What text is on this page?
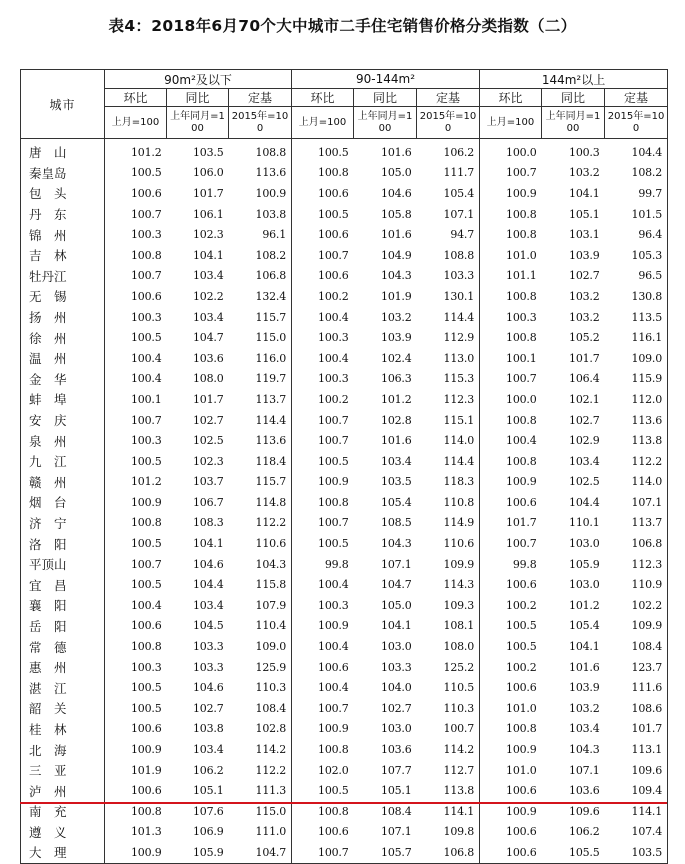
表4：2018年6月70个大中城市二手住宅销售价格分类指数（二）
城市	90m²及以下			90-144m²			144m²以上		
	环比	同比	定基	环比	同比	定基	环比	同比	定基

	上月=100	上年同月=100	2015年=100	上月=100	上年同月=100	2015年=100	上月=100	上年同月=100	2015年=100

唐　山	101.2	103.5	108.8	100.5	101.6	106.2	100.0	100.3	104.4
秦皇岛	100.5	106.0	113.6	100.8	105.0	111.7	100.7	103.2	108.2
包　头	100.6	101.7	100.9	100.6	104.6	105.4	100.9	104.1	99.7
丹　东	100.7	106.1	103.8	100.5	105.8	107.1	100.8	105.1	101.5
锦　州	100.3	102.3	96.1	100.6	101.6	94.7	100.8	103.1	96.4
吉　林	100.8	104.1	108.2	100.7	104.9	108.8	101.0	103.9	105.3
牡丹江	100.7	103.4	106.8	100.6	104.3	103.3	101.1	102.7	96.5
无　锡	100.6	102.2	132.4	100.2	101.9	130.1	100.8	103.2	130.8
扬　州	100.3	103.4	115.7	100.4	103.2	114.4	100.3	103.2	113.5
徐　州	100.5	104.7	115.0	100.3	103.9	112.9	100.8	105.2	116.1
温　州	100.4	103.6	116.0	100.4	102.4	113.0	100.1	101.7	109.0
金　华	100.4	108.0	119.7	100.3	106.3	115.3	100.7	106.4	115.9
蚌　埠	100.1	101.7	113.7	100.2	101.2	112.3	100.0	102.1	112.0
安　庆	100.7	102.7	114.4	100.7	102.8	115.1	100.8	102.7	113.6
泉　州	100.3	102.5	113.6	100.7	101.6	114.0	100.4	102.9	113.8
九　江	100.5	102.3	118.4	100.5	103.4	114.4	100.8	103.4	112.2
赣　州	101.2	103.7	115.7	100.9	103.5	118.3	100.9	102.5	114.0
烟　台	100.9	106.7	114.8	100.8	105.4	110.8	100.6	104.4	107.1
济　宁	100.8	108.3	112.2	100.7	108.5	114.9	101.7	110.1	113.7
洛　阳	100.5	104.1	110.6	100.5	104.3	110.6	100.7	103.0	106.8
平顶山	100.7	104.6	104.3	99.8	107.1	109.9	99.8	105.9	112.3
宜　昌	100.5	104.4	115.8	100.4	104.7	114.3	100.6	103.0	110.9
襄　阳	100.4	103.4	107.9	100.3	105.0	109.3	100.2	101.2	102.2
岳　阳	100.6	104.5	110.4	100.9	104.1	108.1	100.5	105.4	109.9
常　德	100.8	103.3	109.0	100.4	103.0	108.0	100.5	104.1	108.4
惠　州	100.3	103.3	125.9	100.6	103.3	125.2	100.2	101.6	123.7
湛　江	100.5	104.6	110.3	100.4	104.0	110.5	100.6	103.9	111.6
韶　关	100.5	102.7	108.4	100.7	102.7	110.3	101.0	103.2	108.6
桂　林	100.6	103.8	102.8	100.9	103.0	100.7	100.8	103.4	101.7
北　海	100.9	103.4	114.2	100.8	103.6	114.2	100.9	104.3	113.1
三　亚	101.9	106.2	112.2	102.0	107.7	112.7	101.0	107.1	109.6
泸　州	100.6	105.1	111.3	100.5	105.1	113.8	100.6	103.6	109.4
南　充	100.8	107.6	115.0	100.8	108.4	114.1	100.9	109.6	114.1
遵　义	101.3	106.9	111.0	100.6	107.1	109.8	100.6	106.2	107.4
大　理	100.9	105.9	104.7	100.7	105.7	106.8	100.6	105.5	103.5
